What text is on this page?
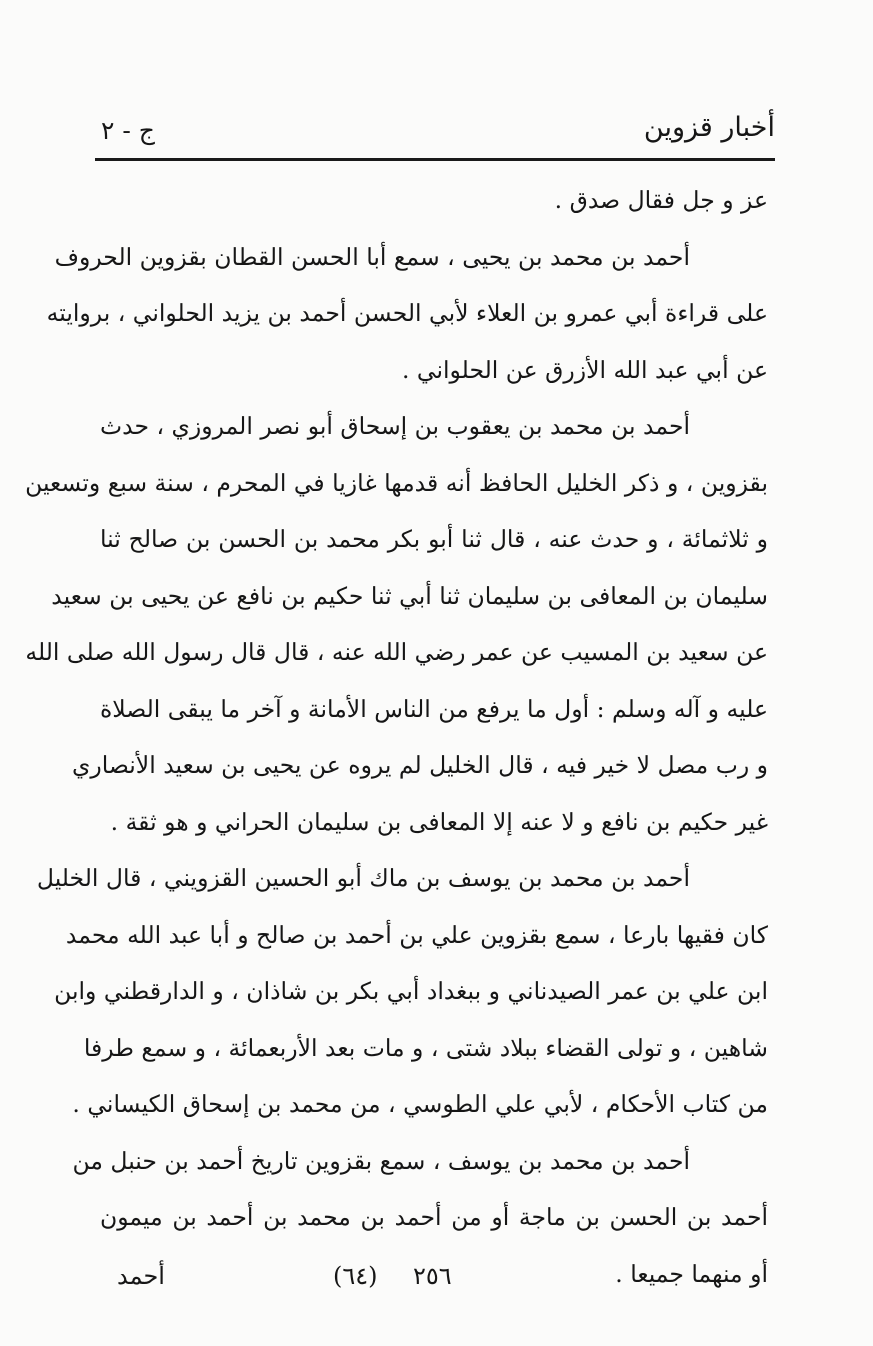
أخبار قزوين
ج - ٢
عز و جل فقال صدق .
أحمد بن محمد بن يحيى ، سمع أبا الحسن القطان بقزوين الحروف
على قراءة أبي عمرو بن العلاء لأبي الحسن أحمد بن يزيد الحلواني ، بروايته
عن أبي عبد الله الأزرق عن الحلواني .
أحمد بن محمد بن يعقوب بن إسحاق أبو نصر المروزي ، حدث
بقزوين ، و ذكر الخليل الحافظ أنه قدمها غازيا في المحرم ، سنة سبع وتسعين
و ثلاثمائة ، و حدث عنه ، قال ثنا أبو بكر محمد بن الحسن بن صالح ثنا
سليمان بن المعافى بن سليمان ثنا أبي ثنا حكيم بن نافع عن يحيى بن سعيد
عن سعيد بن المسيب عن عمر رضي الله عنه ، قال قال رسول الله صلى الله
عليه و آله وسلم : أول ما يرفع من الناس الأمانة و آخر ما يبقى الصلاة
و رب مصل لا خير فيه ، قال الخليل لم يروه عن يحيى بن سعيد الأنصاري
غير حكيم بن نافع و لا عنه إلا المعافى بن سليمان الحراني و هو ثقة .
أحمد بن محمد بن يوسف بن ماك أبو الحسين القزويني ، قال الخليل
كان فقيها بارعا ، سمع بقزوين علي بن أحمد بن صالح و أبا عبد الله محمد
ابن علي بن عمر الصيدناني و ببغداد أبي بكر بن شاذان ، و الدارقطني وابن
شاهين ، و تولى القضاء ببلاد شتى ، و مات بعد الأربعمائة ، و سمع طرفا
من كتاب الأحكام ، لأبي علي الطوسي ، من محمد بن إسحاق الكيساني .
أحمد بن محمد بن يوسف ، سمع بقزوين تاريخ أحمد بن حنبل من
أحمد بن الحسن بن ماجة أو من أحمد بن محمد بن أحمد بن ميمون
أو منهما جميعا .
أحمد	(٦٤) ٢٥٦
